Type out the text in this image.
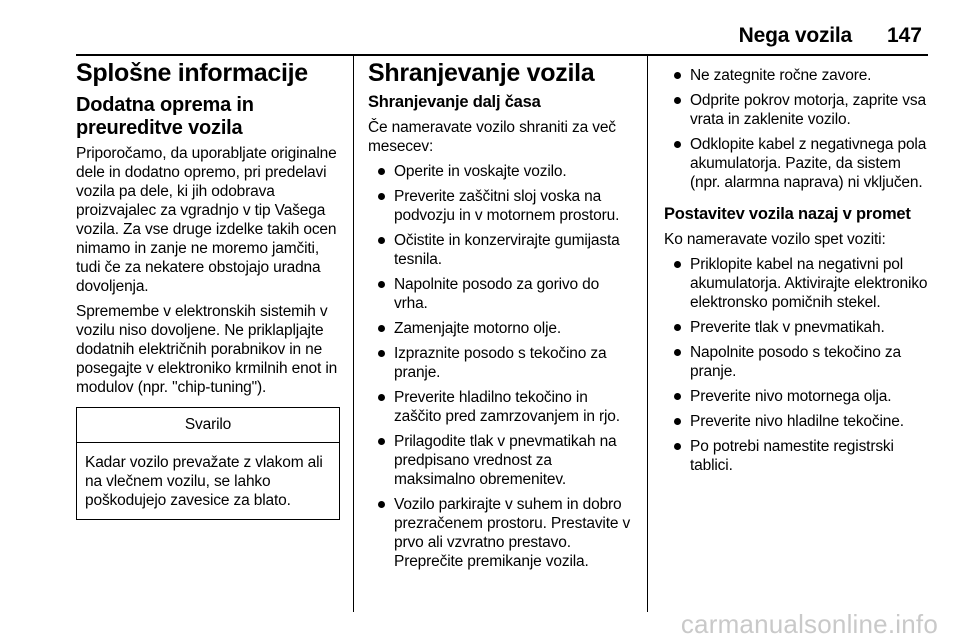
Nega vozila 147
Splošne informacije
Dodatna oprema in preureditve vozila

Priporočamo, da uporabljate originalne dele in dodatno opremo, pri predelavi vozila pa dele, ki jih odobrava proizvajalec za vgradnjo v tip Vašega vozila. Za vse druge izdelke takih ocen nimamo in zanje ne moremo jamčiti, tudi če za nekatere obstojajo uradna dovoljenja.

Spremembe v elektronskih sistemih v vozilu niso dovoljene. Ne priklapljajte dodatnih električnih porabnikov in ne posegajte v elektroniko krmilnih enot in modulov (npr. "chip-tuning").

Svarilo
Kadar vozilo prevažate z vlakom ali na vlečnem vozilu, se lahko poškodujejo zavesice za blato.
Shranjevanje vozila
Shranjevanje dalj časa

Če nameravate vozilo shraniti za več mesecev:

Operite in voskajte vozilo.
Preverite zaščitni sloj voska na podvozju in v motornem prostoru.
Očistite in konzervirajte gumijasta tesnila.
Napolnite posodo za gorivo do vrha.
Zamenjajte motorno olje.
Izpraznite posodo s tekočino za pranje.
Preverite hladilno tekočino in zaščito pred zamrzovanjem in rjo.
Prilagodite tlak v pnevmatikah na predpisano vrednost za maksimalno obremenitev.
Vozilo parkirajte v suhem in dobro prezračenem prostoru. Prestavite v prvo ali vzvratno prestavo. Preprečite premikanje vozila.
Ne zategnite ročne zavore.
Odprite pokrov motorja, zaprite vsa vrata in zaklenite vozilo.
Odklopite kabel z negativnega pola akumulatorja. Pazite, da sistem (npr. alarmna naprava) ni vključen.
Postavitev vozila nazaj v promet

Ko nameravate vozilo spet voziti:

Priklopite kabel na negativni pol akumulatorja. Aktivirajte elektroniko elektronsko pomičnih stekel.
Preverite tlak v pnevmatikah.
Napolnite posodo s tekočino za pranje.
Preverite nivo motornega olja.
Preverite nivo hladilne tekočine.
Po potrebi namestite registrski tablici.
carmanualsonline.info
